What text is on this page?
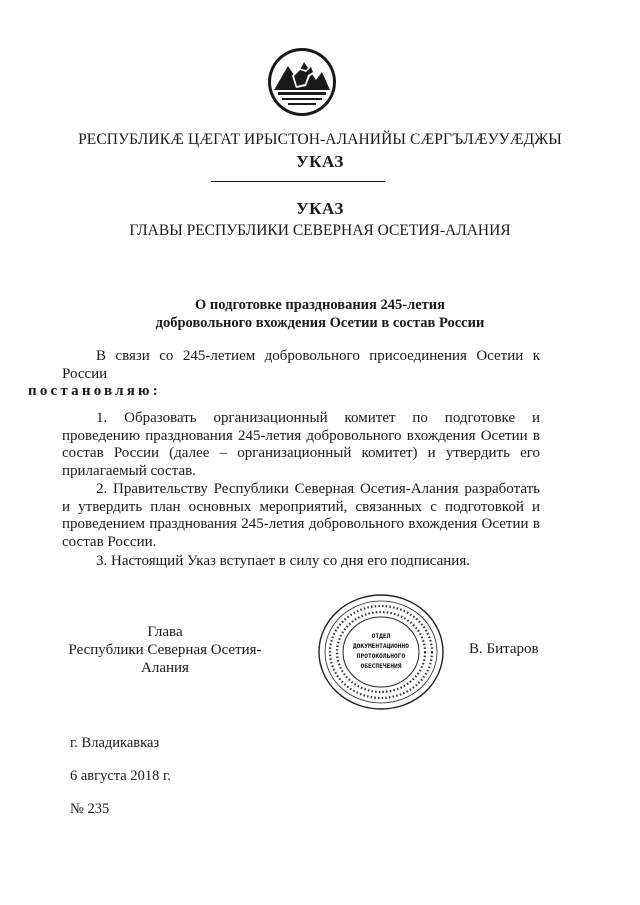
РЕСПУБЛИКӔ ЦӔГАТ ИРЫСТОН-АЛАНИЙЫ СӔРГЪЛӔУУӔДЖЫ
УКАЗ
УКАЗ
ГЛАВЫ РЕСПУБЛИКИ СЕВЕРНАЯ ОСЕТИЯ-АЛАНИЯ
О подготовке празднования 245-летия
добровольного вхождения Осетии в состав России
В связи со 245-летием добровольного присоединения Осетии к России
постановляю:
1. Образовать организационный комитет по подготовке и проведению празднования 245-летия добровольного вхождения Осетии в состав России (далее – организационный комитет) и утвердить его прилагаемый состав.
2. Правительству Республики Северная Осетия-Алания разработать и утвердить план основных мероприятий, связанных с подготовкой и проведением празднования 245-летия добровольного вхождения Осетии в состав России.
3. Настоящий Указ вступает в силу со дня его подписания.
Глава
Республики Северная Осетия-Алания
ОТДЕЛ
ДОКУМЕНТАЦИОННО
ПРОТОКОЛЬНОГО
ОБЕСПЕЧЕНИЯ
В. Битаров
г. Владикавказ
6 августа 2018 г.
№ 235
